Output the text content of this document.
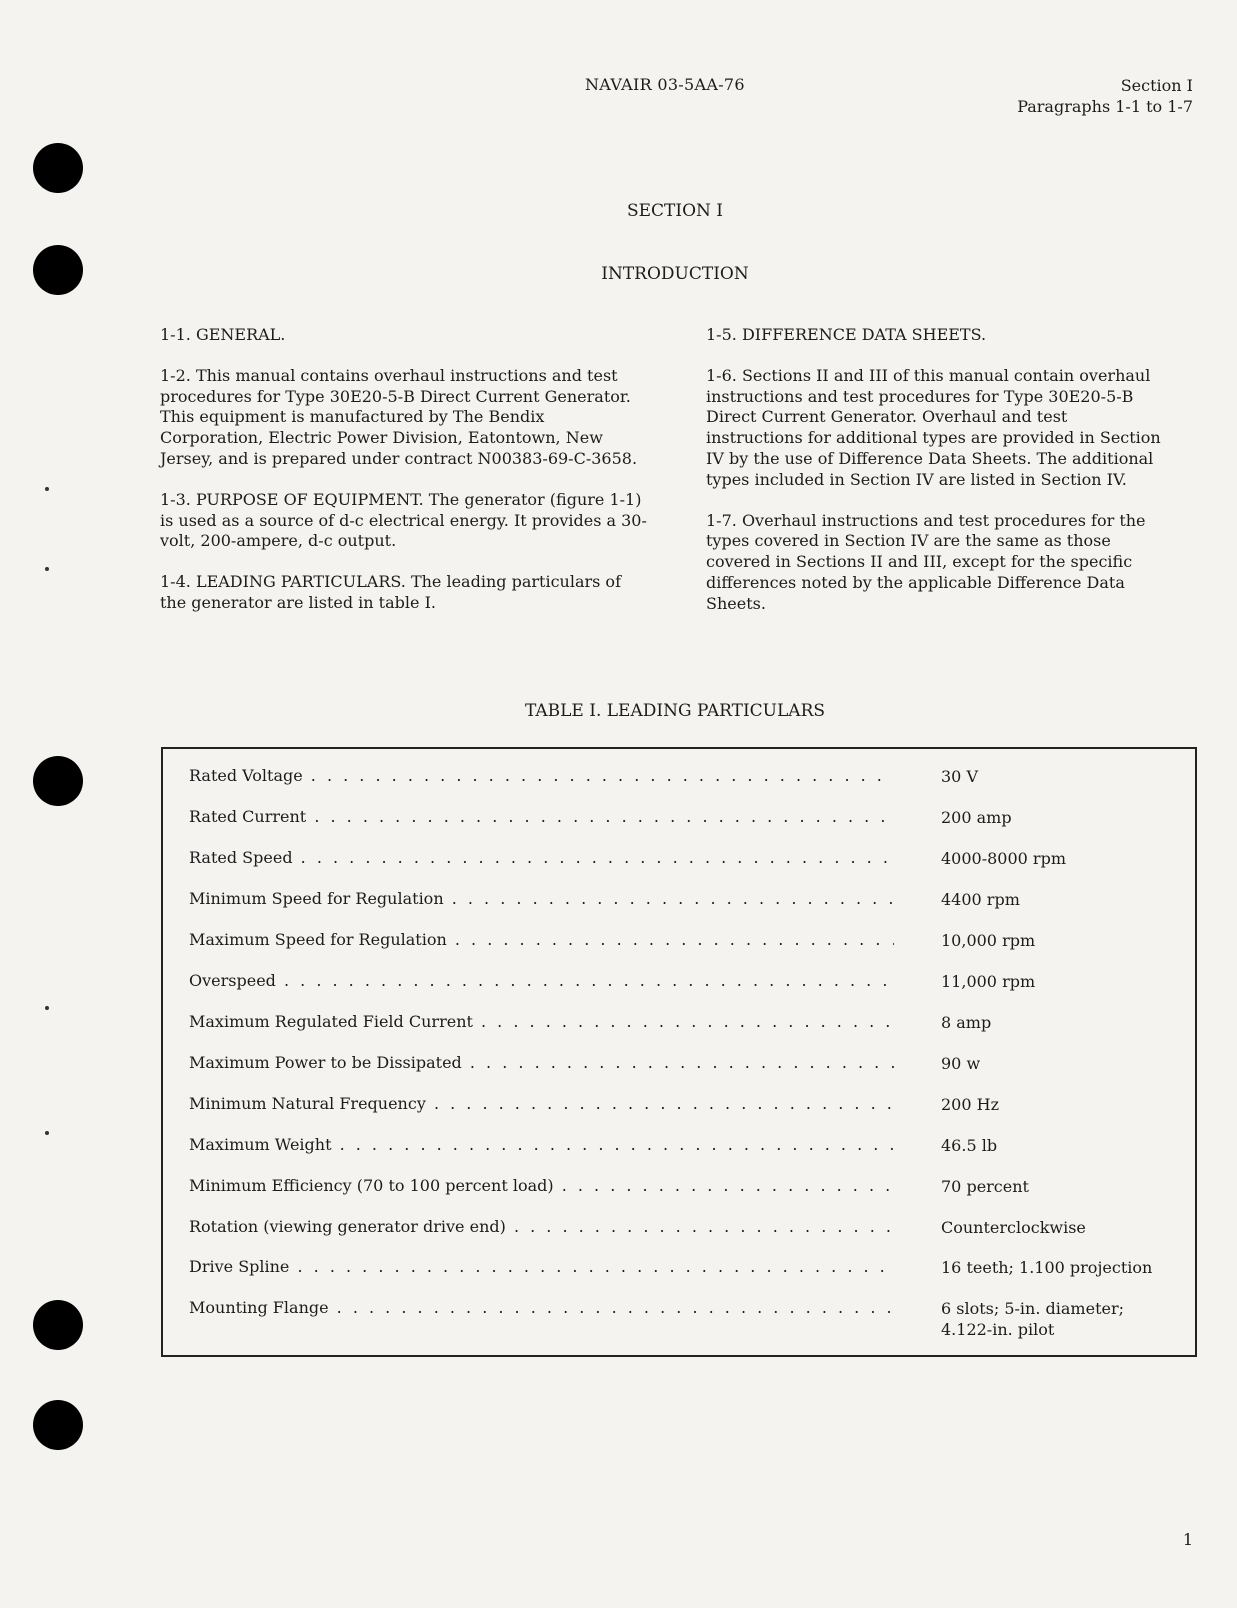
NAVAIR 03-5AA-76	Section I
Paragraphs 1-1 to 1-7
SECTION I
INTRODUCTION

1-1. GENERAL.

1-2. This manual contains overhaul instructions and test procedures for Type 30E20-5-B Direct Current Generator. This equipment is manufactured by The Bendix Corporation, Electric Power Division, Eatontown, New Jersey, and is prepared under contract N00383-69-C-3658.

1-3. PURPOSE OF EQUIPMENT. The generator (figure 1-1) is used as a source of d-c electrical energy. It provides a 30-volt, 200-ampere, d-c output.

1-4. LEADING PARTICULARS. The leading particulars of the generator are listed in table I.

1-5. DIFFERENCE DATA SHEETS.

1-6. Sections II and III of this manual contain overhaul instructions and test procedures for Type 30E20-5-B Direct Current Generator. Overhaul and test instructions for additional types are provided in Section IV by the use of Difference Data Sheets. The additional types included in Section IV are listed in Section IV.

1-7. Overhaul instructions and test procedures for the types covered in Section IV are the same as those covered in Sections II and III, except for the specific differences noted by the applicable Difference Data Sheets.

TABLE I. LEADING PARTICULARS
Rated Voltage . . .	30 V
Rated Current . . .	200 amp
Rated Speed . . .	4000-8000 rpm
Minimum Speed for Regulation . . .	4400 rpm
Maximum Speed for Regulation . . .	10,000 rpm
Overspeed . . .	11,000 rpm
Maximum Regulated Field Current . . .	8 amp
Maximum Power to be Dissipated . . .	90 w
Minimum Natural Frequency . . .	200 Hz
Maximum Weight . . .	46.5 lb
Minimum Efficiency (70 to 100 percent load) . . .	70 percent
Rotation (viewing generator drive end) . . .	Counterclockwise
Drive Spline . . .	16 teeth; 1.100 projection
Mounting Flange . . .	6 slots; 5-in. diameter;
4.122-in. pilot
1
